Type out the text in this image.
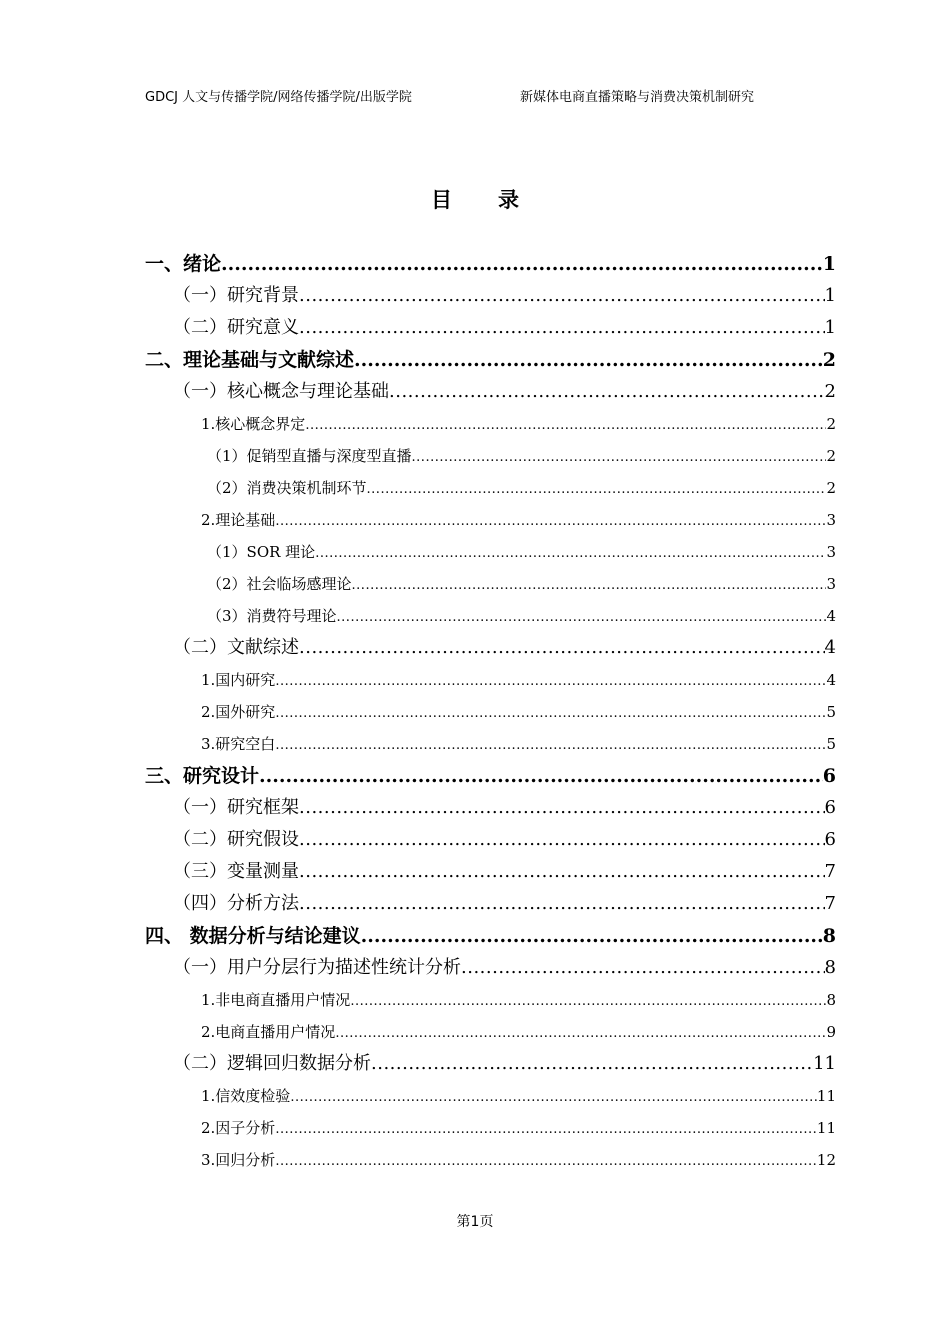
GDCJ 人文与传播学院/网络传播学院/出版学院	新媒体电商直播策略与消费决策机制研究
目录
一、绪论 .....	1
（一）研究背景 .....	1
（二）研究意义 .....	1
二、理论基础与文献综述 .....	2
（一）核心概念与理论基础 .....	2
1.核心概念界定 .....	2
（1）促销型直播与深度型直播 .....	2
（2）消费决策机制环节 .....	2
2.理论基础 .....	3
（1）SOR 理论 .....	3
（2）社会临场感理论 .....	3
（3）消费符号理论 .....	4
（二）文献综述 .....	4
1.国内研究 .....	4
2.国外研究 .....	5
3.研究空白 .....	5
三、研究设计 .....	6
（一）研究框架 .....	6
（二）研究假设 .....	6
（三）变量测量 .....	7
（四）分析方法 .....	7
四、 数据分析与结论建议 .....	8
（一）用户分层行为描述性统计分析 .....	8
1.非电商直播用户情况 .....	8
2.电商直播用户情况 .....	9
（二）逻辑回归数据分析 .....	11
1.信效度检验 .....	11
2.因子分析 .....	11
3.回归分析 .....	12
第1页
